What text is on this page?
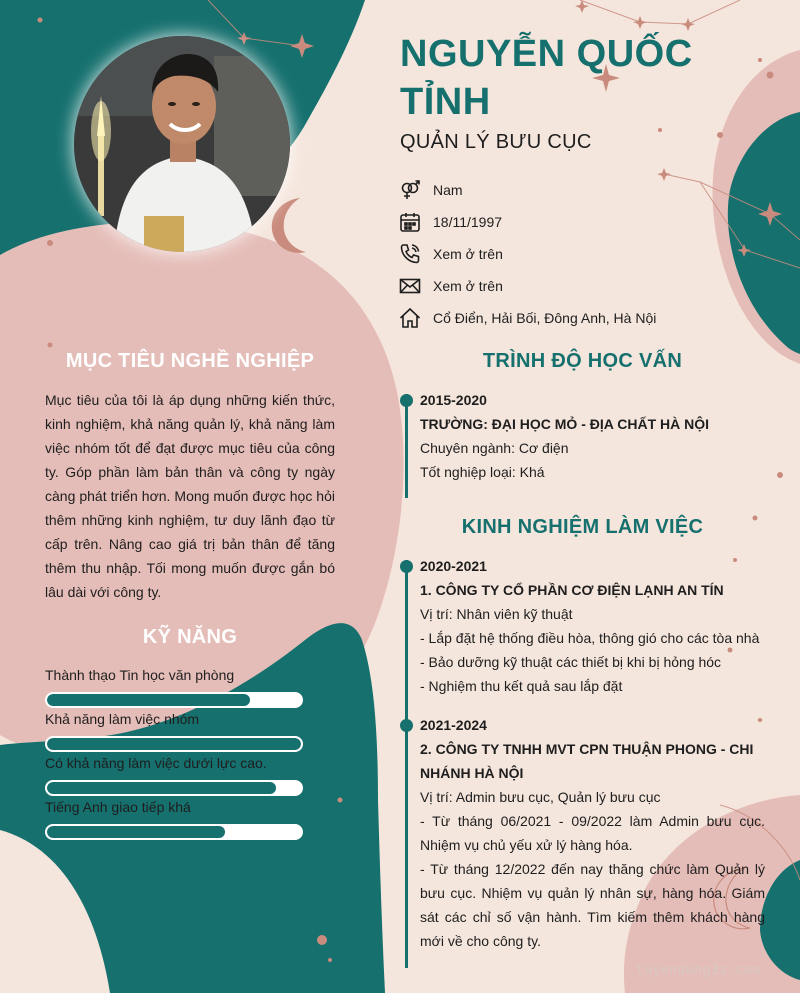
NGUYỄN QUỐC TỈNH
QUẢN LÝ BƯU CỤC
Nam
18/11/1997
Xem ở trên
Xem ở trên
Cổ Điển, Hải Bối, Đông Anh, Hà Nội
MỤC TIÊU NGHỀ NGHIỆP
Mục tiêu của tôi là áp dụng những kiến thức, kinh nghiệm, khả năng quản lý, khả năng làm việc nhóm tốt để đạt được mục tiêu của công ty. Góp phần làm bản thân và công ty ngày càng phát triển hơn. Mong muốn được học hỏi thêm những kinh nghiệm, tư duy lãnh đạo từ cấp trên. Nâng cao giá trị bản thân để tăng thêm thu nhập. Tối mong muốn được gắn bó lâu dài với công ty.
KỸ NĂNG
Thành thạo Tin học văn phòng
Khả năng làm việc nhóm
Có khả năng làm việc dưới lực cao.
Tiếng Anh giao tiếp khá
TRÌNH ĐỘ HỌC VẤN
2015-2020
TRƯỜNG: ĐẠI HỌC MỎ - ĐỊA CHẤT HÀ NỘI
Chuyên ngành: Cơ điện
Tốt nghiệp loại: Khá
KINH NGHIỆM LÀM VIỆC
2020-2021
1. CÔNG TY CỔ PHẦN CƠ ĐIỆN LẠNH AN TÍN
Vị trí: Nhân viên kỹ thuật
- Lắp đặt hệ thống điều hòa, thông gió cho các tòa nhà
- Bảo dưỡng kỹ thuật các thiết bị khi bị hỏng hóc
- Nghiệm thu kết quả sau lắp đặt
2021-2024
2. CÔNG TY TNHH MVT CPN THUẬN PHONG - CHI NHÁNH HÀ NỘI
Vị trí: Admin bưu cục, Quản lý bưu cục
- Từ tháng 06/2021 - 09/2022 làm Admin bưu cục. Nhiệm vụ chủ yếu xử lý hàng hóa.
- Từ tháng 12/2022 đến nay thăng chức làm Quản lý bưu cục. Nhiệm vụ quản lý nhân sự, hàng hóa. Giám sát các chỉ số vận hành. Tìm kiếm thêm khách hàng mới về cho công ty.
tuyendung3s.com
